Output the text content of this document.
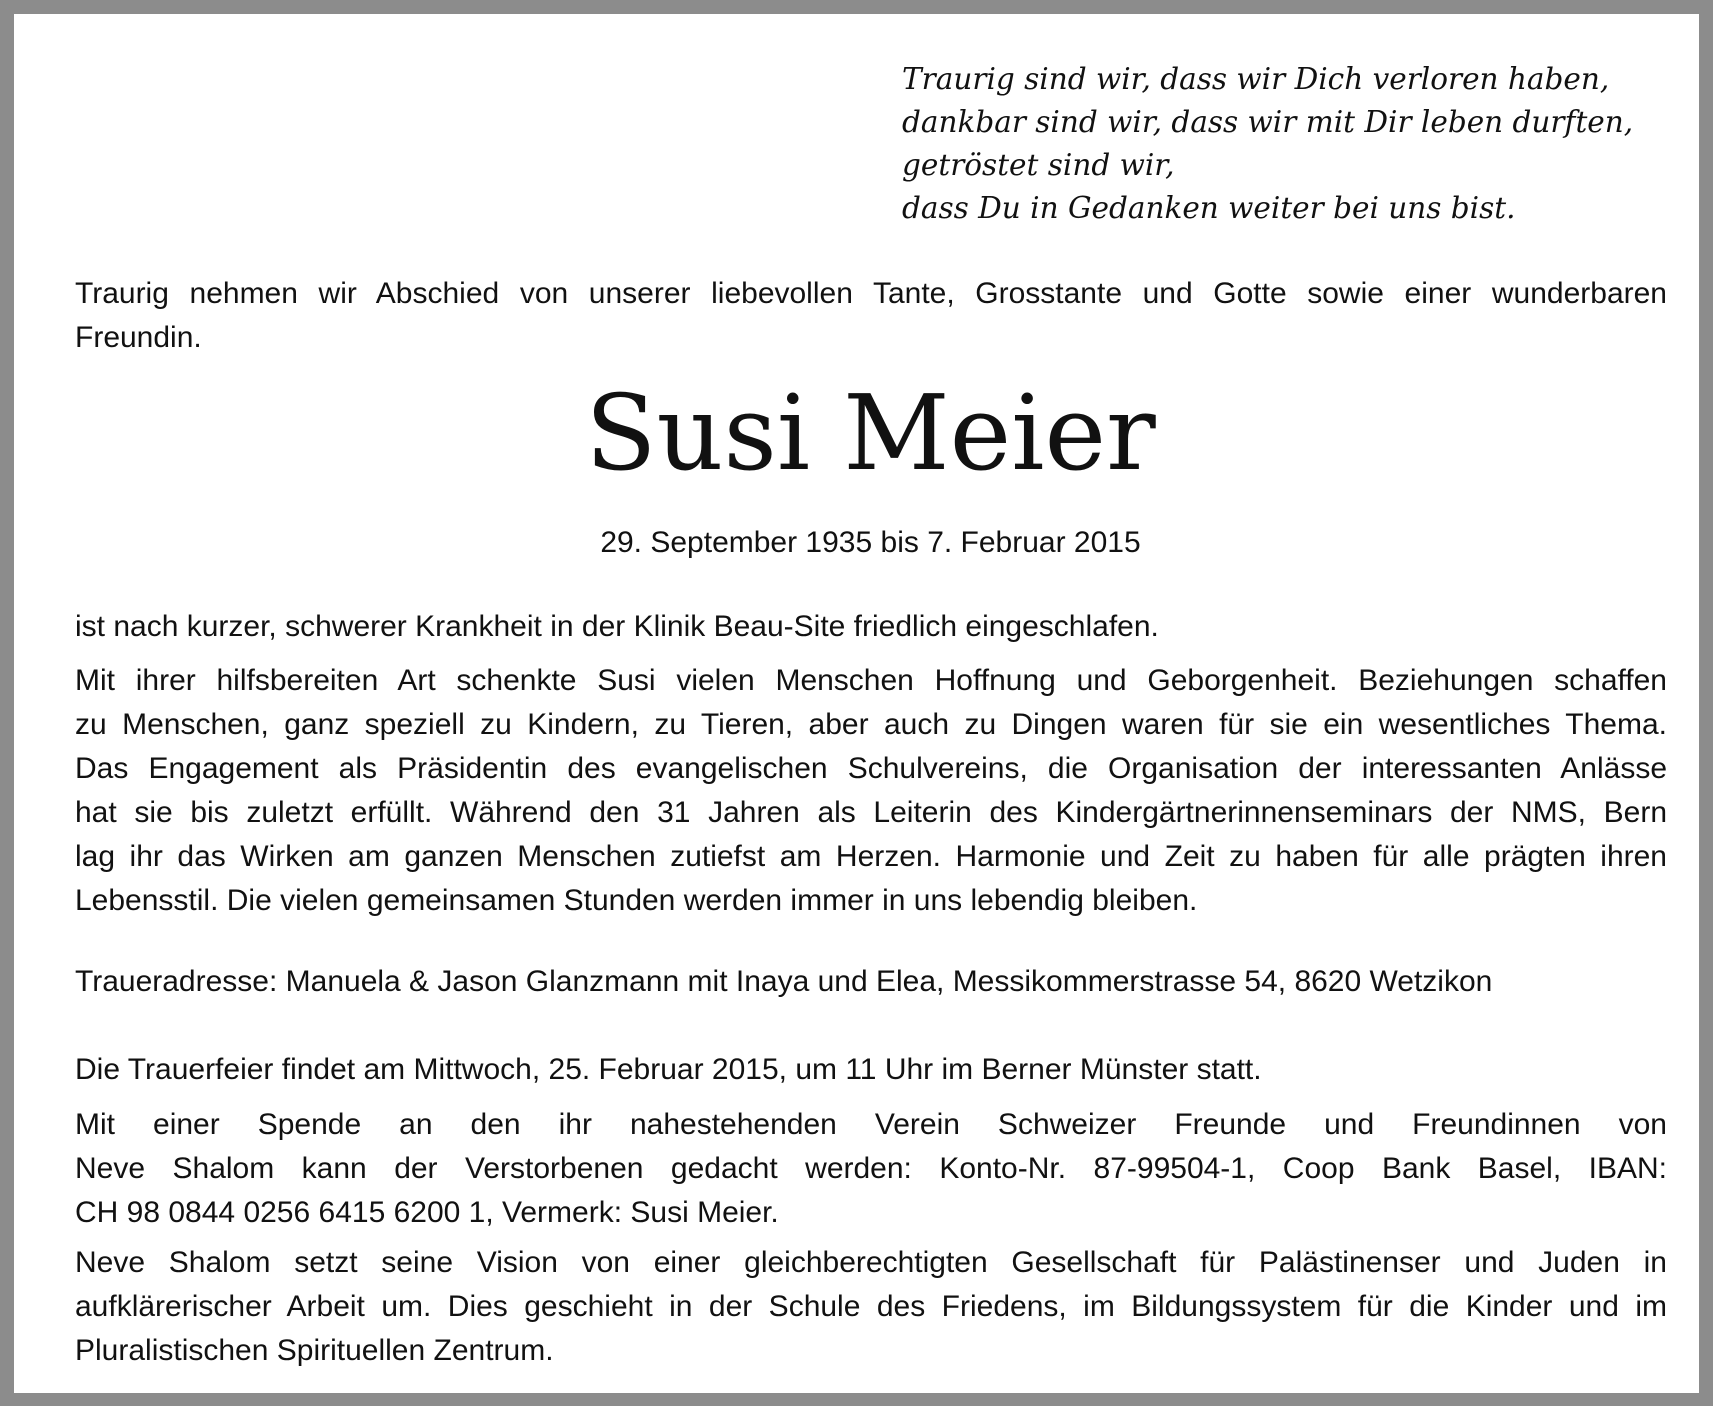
Traurig sind wir, dass wir Dich verloren haben,
dankbar sind wir, dass wir mit Dir leben durften,
getröstet sind wir,
dass Du in Gedanken weiter bei uns bist.
Traurig nehmen wir Abschied von unserer liebevollen Tante, Grosstante und Gotte sowie einer wunderbaren
Freundin.
Susi Meier
29. September 1935 bis 7. Februar 2015
ist nach kurzer, schwerer Krankheit in der Klinik Beau-Site friedlich eingeschlafen.
Mit ihrer hilfsbereiten Art schenkte Susi vielen Menschen Hoffnung und Geborgenheit. Beziehungen schaffen
zu Menschen, ganz speziell zu Kindern, zu Tieren, aber auch zu Dingen waren für sie ein wesentliches Thema.
Das Engagement als Präsidentin des evangelischen Schulvereins, die Organisation der interessanten Anlässe
hat sie bis zuletzt erfüllt. Während den 31 Jahren als Leiterin des Kindergärtnerinnenseminars der NMS, Bern
lag ihr das Wirken am ganzen Menschen zutiefst am Herzen. Harmonie und Zeit zu haben für alle prägten ihren
Lebensstil. Die vielen gemeinsamen Stunden werden immer in uns lebendig bleiben.
Traueradresse: Manuela & Jason Glanzmann mit Inaya und Elea, Messikommerstrasse 54, 8620 Wetzikon
Die Trauerfeier findet am Mittwoch, 25. Februar 2015, um 11 Uhr im Berner Münster statt.
Mit einer Spende an den ihr nahestehenden Verein Schweizer Freunde und Freundinnen von
Neve Shalom kann der Verstorbenen gedacht werden: Konto-Nr. 87-99504-1, Coop Bank Basel, IBAN:
CH 98 0844 0256 6415 6200 1, Vermerk: Susi Meier.
Neve Shalom setzt seine Vision von einer gleichberechtigten Gesellschaft für Palästinenser und Juden in
aufklärerischer Arbeit um. Dies geschieht in der Schule des Friedens, im Bildungssystem für die Kinder und im
Pluralistischen Spirituellen Zentrum.
